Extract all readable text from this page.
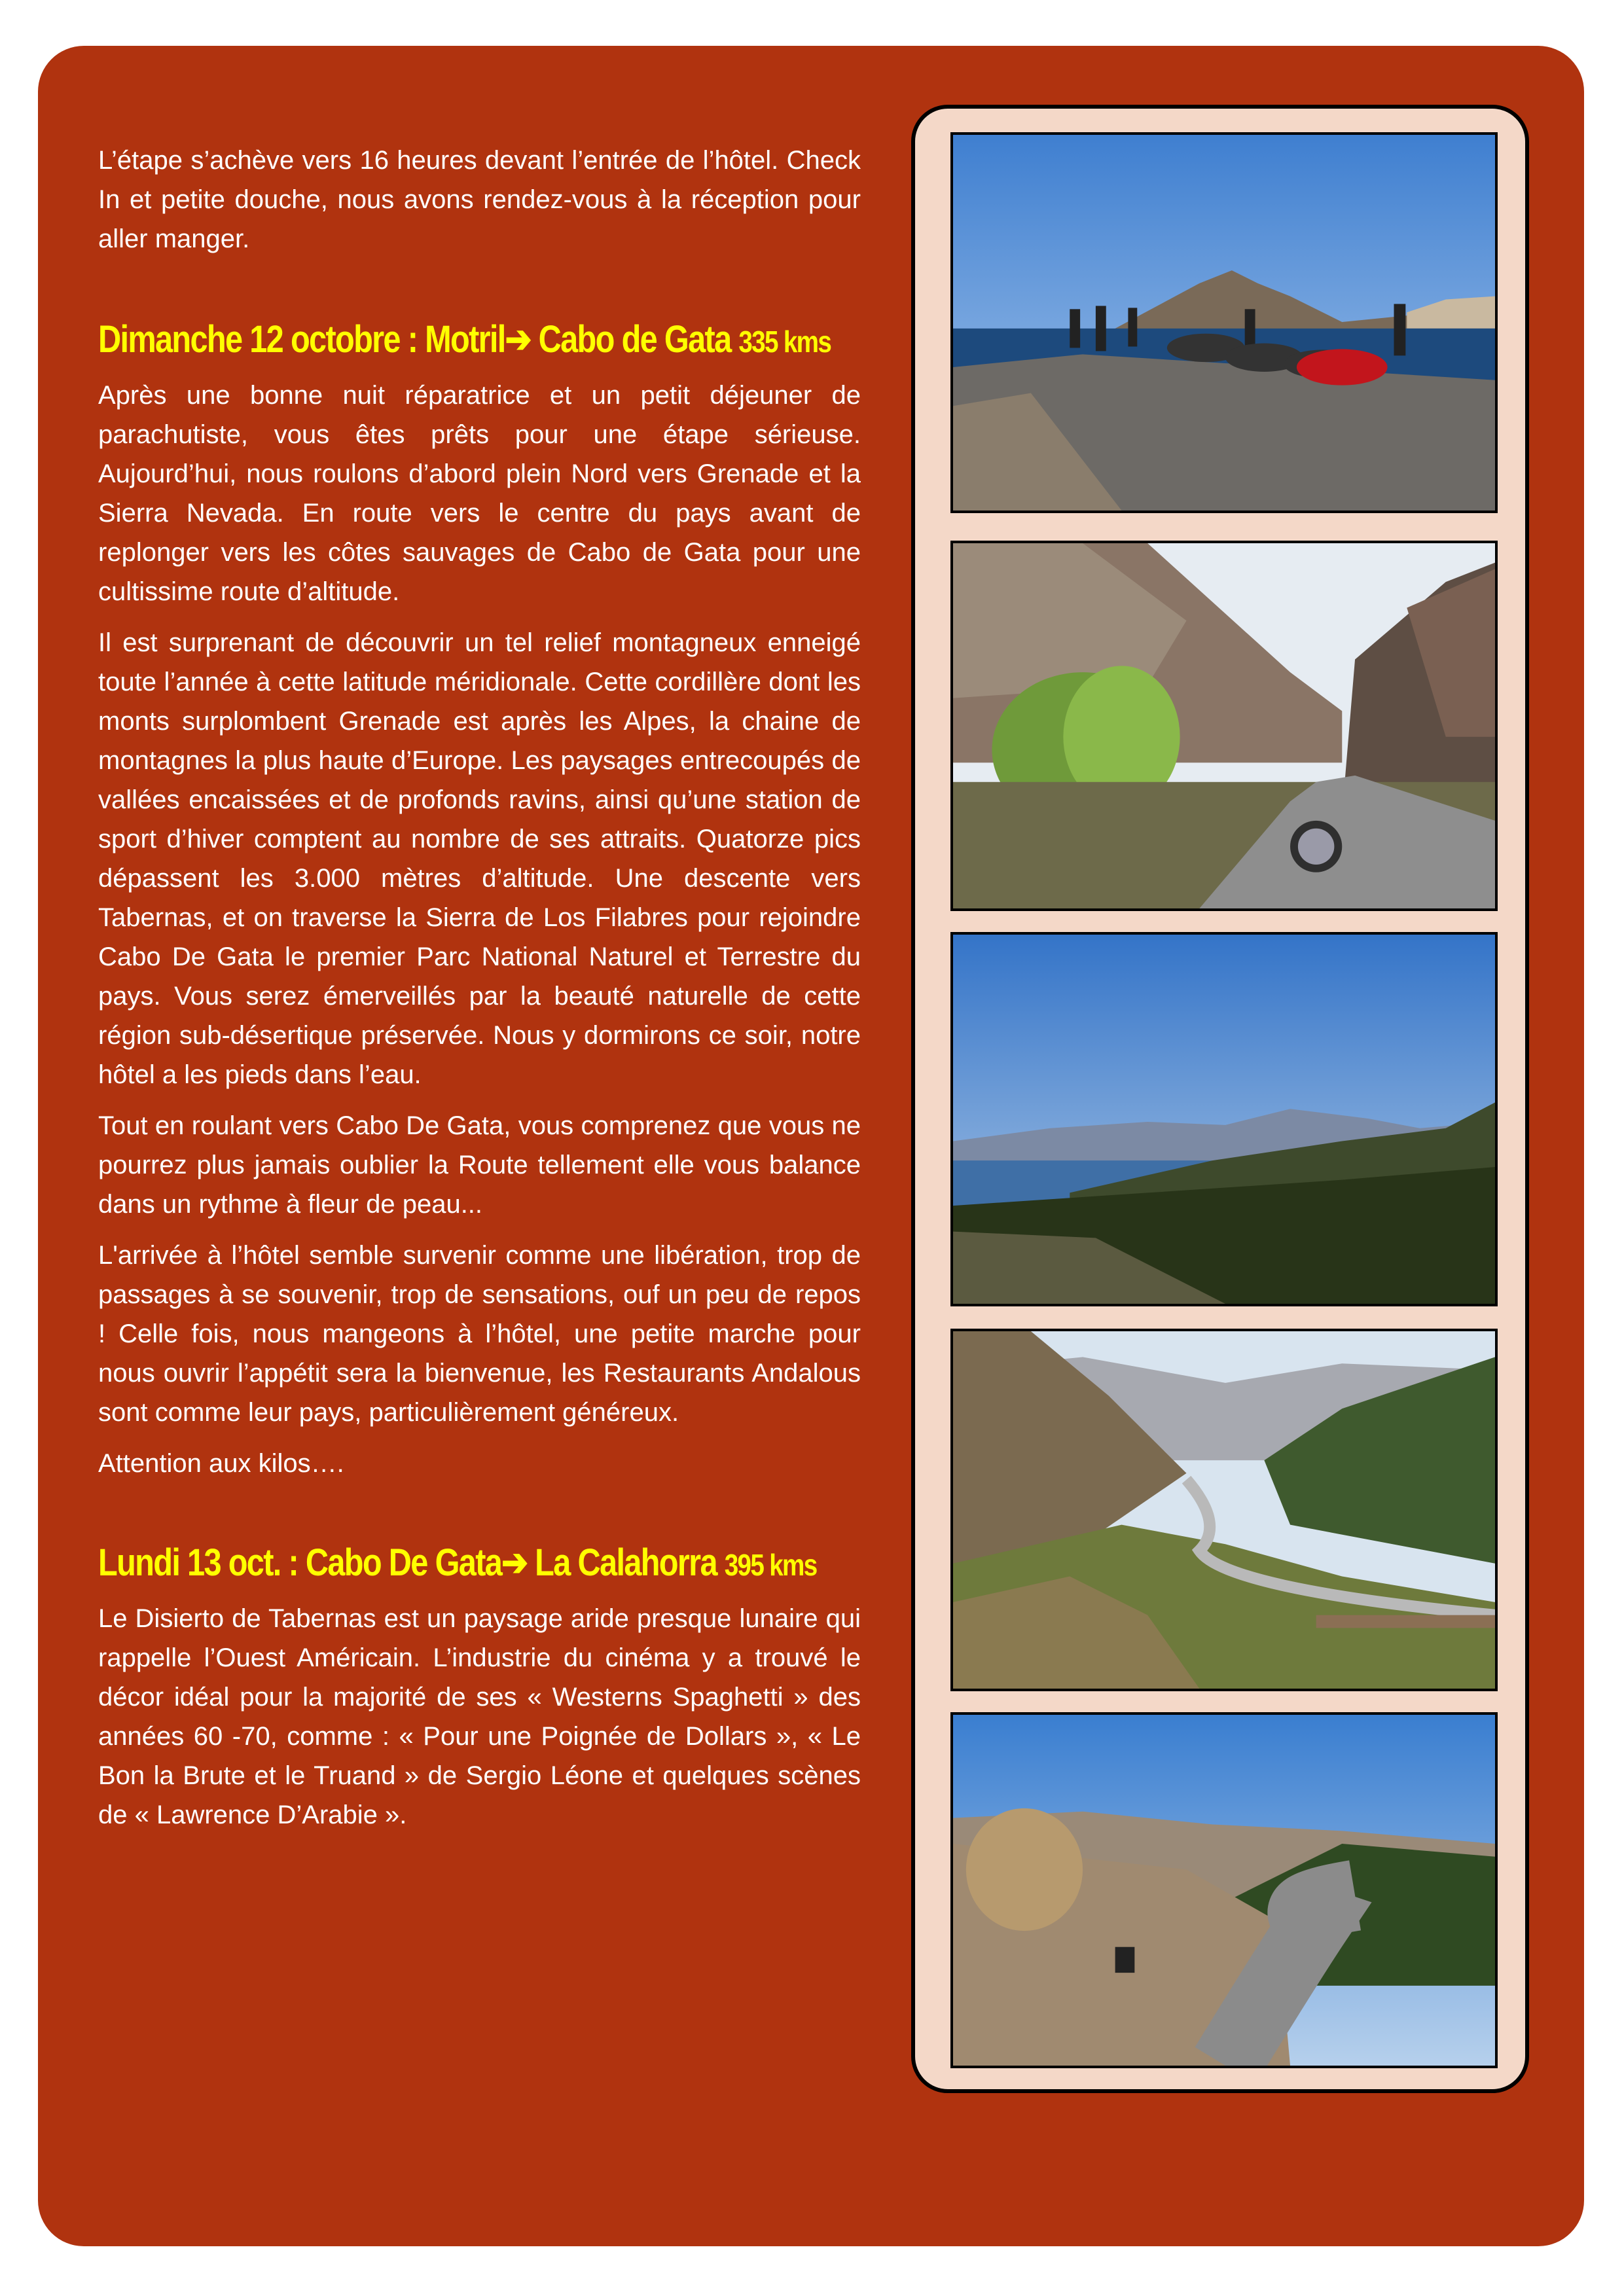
L’étape s’achève vers 16 heures devant l’entrée de l’hôtel. Check In et petite douche, nous avons rendez-vous à la réception pour aller manger.

Dimanche 12 octobre : Motril➔ Cabo de Gata 335 kms

Après une bonne nuit réparatrice et un petit déjeuner de parachutiste, vous êtes prêts pour une étape sérieuse. Aujourd’hui, nous roulons d’abord plein Nord vers Grenade et la Sierra Nevada. En route vers le centre du pays avant de replonger vers les côtes sauvages de Cabo de Gata pour une cultissime route d’altitude.

Il est surprenant de découvrir un tel relief montagneux enneigé toute l’année à cette latitude méridionale. Cette cordillère dont les monts surplombent Grenade est après les Alpes, la chaine de montagnes la plus haute d’Europe. Les paysages entrecoupés de vallées encaissées et de profonds ravins, ainsi qu’une station de sport d’hiver comptent au nombre de ses attraits. Quatorze pics dépassent les 3.000 mètres d’altitude. Une descente vers Tabernas, et on traverse la Sierra de Los Filabres pour rejoindre Cabo De Gata le premier Parc National Naturel et Terrestre du pays. Vous serez émerveillés par la beauté naturelle de cette région sub-désertique préservée. Nous y dormirons ce soir, notre hôtel a les pieds dans l’eau.

Tout en roulant vers Cabo De Gata, vous comprenez que vous ne pourrez plus jamais oublier la Route tellement elle vous balance dans un rythme à fleur de peau...

L'arrivée à l’hôtel semble survenir comme une libération, trop de passages à se souvenir, trop de sensations, ouf un peu de repos ! Celle fois, nous mangeons à l’hôtel, une petite marche pour nous ouvrir l’appétit sera la bienvenue, les Restaurants Andalous sont comme leur pays, particulièrement généreux.

Attention aux kilos….

Lundi 13 oct. : Cabo De Gata➔ La Calahorra 395 kms

Le Disierto de Tabernas est un paysage aride presque lunaire qui rappelle l’Ouest Américain. L’industrie du cinéma y a trouvé le décor idéal pour la majorité de ses « Westerns Spaghetti » des années 60 -70, comme : « Pour une Poignée de Dollars », « Le Bon la Brute et le Truand » de Sergio Léone et quelques scènes de « Lawrence D’Arabie ».
